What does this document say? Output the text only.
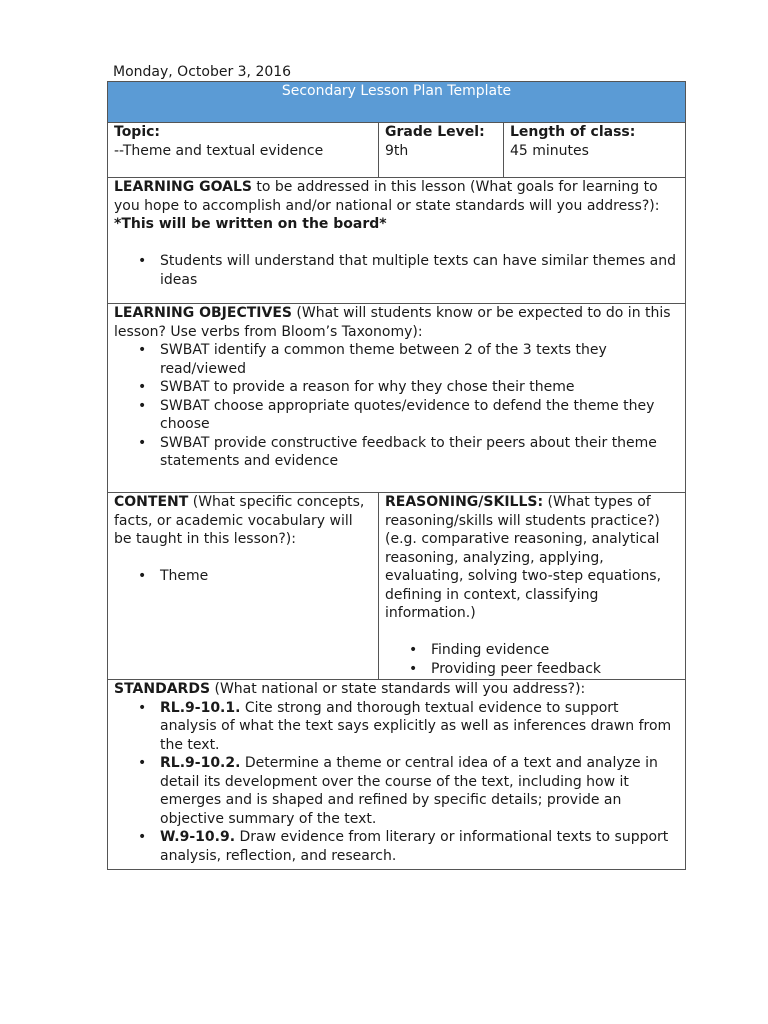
Monday, October 3, 2016
Secondary Lesson Plan Template
Topic:
--Theme and textual evidence
Grade Level:
9th
Length of class:
45 minutes
LEARNING GOALS to be addressed in this lesson (What goals for learning to you hope to accomplish and/or national or state standards will you address?): *This will be written on the board*
• Students will understand that multiple texts can have similar themes and ideas
LEARNING OBJECTIVES (What will students know or be expected to do in this lesson? Use verbs from Bloom’s Taxonomy):
• SWBAT identify a common theme between 2 of the 3 texts they read/viewed
• SWBAT to provide a reason for why they chose their theme
• SWBAT choose appropriate quotes/evidence to defend the theme they choose
• SWBAT provide constructive feedback to their peers about their theme statements and evidence
CONTENT (What specific concepts, facts, or academic vocabulary will be taught in this lesson?):
• Theme
REASONING/SKILLS: (What types of reasoning/skills will students practice?) (e.g. comparative reasoning, analytical reasoning, analyzing, applying, evaluating, solving two-step equations, defining in context, classifying information.)
• Finding evidence
• Providing peer feedback
STANDARDS (What national or state standards will you address?):
• RL.9-10.1. Cite strong and thorough textual evidence to support analysis of what the text says explicitly as well as inferences drawn from the text.
• RL.9-10.2. Determine a theme or central idea of a text and analyze in detail its development over the course of the text, including how it emerges and is shaped and refined by specific details; provide an objective summary of the text.
• W.9-10.9. Draw evidence from literary or informational texts to support analysis, reflection, and research.
